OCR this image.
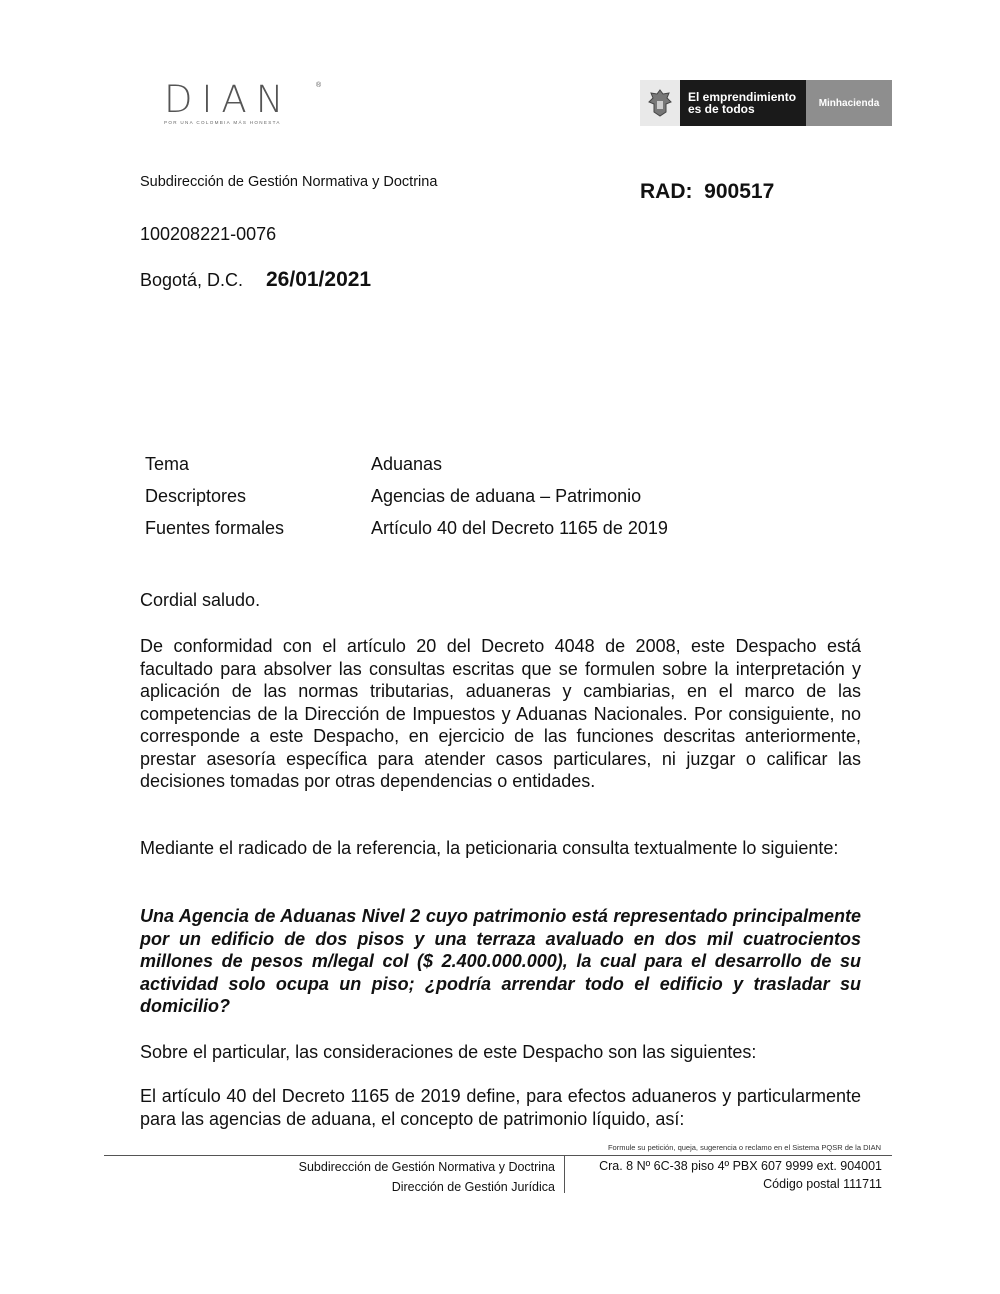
DIAN	®
POR UNA COLOMBIA MÁS HONESTA
El emprendimiento
es de todos	Minhacienda
Subdirección de Gestión Normativa y Doctrina	RAD: 900517
100208221-0076
Bogotá, D.C. 26/01/2021
Tema	Aduanas
Descriptores	Agencias de aduana – Patrimonio
Fuentes formales	Artículo 40 del Decreto 1165 de 2019
Cordial saludo.
De conformidad con el artículo 20 del Decreto 4048 de 2008, este Despacho está facultado para absolver las consultas escritas que se formulen sobre la interpretación y aplicación de las normas tributarias, aduaneras y cambiarias, en el marco de las competencias de la Dirección de Impuestos y Aduanas Nacionales. Por consiguiente, no corresponde a este Despacho, en ejercicio de las funciones descritas anteriormente, prestar asesoría específica para atender casos particulares, ni juzgar o calificar las decisiones tomadas por otras dependencias o entidades.
Mediante el radicado de la referencia, la peticionaria consulta textualmente lo siguiente:
Una Agencia de Aduanas Nivel 2 cuyo patrimonio está representado principalmente por un edificio de dos pisos y una terraza avaluado en dos mil cuatrocientos millones de pesos m/legal col ($ 2.400.000.000), la cual para el desarrollo de su actividad solo ocupa un piso; ¿podría arrendar todo el edificio y trasladar su domicilio?
Sobre el particular, las consideraciones de este Despacho son las siguientes:
El artículo 40 del Decreto 1165 de 2019 define, para efectos aduaneros y particularmente para las agencias de aduana, el concepto de patrimonio líquido, así:
Formule su petición, queja, sugerencia o reclamo en el Sistema PQSR de la DIAN
Subdirección de Gestión Normativa y Doctrina
Dirección de Gestión Jurídica
Cra. 8 Nº 6C-38 piso 4º PBX 607 9999 ext. 904001
Código postal 111711
